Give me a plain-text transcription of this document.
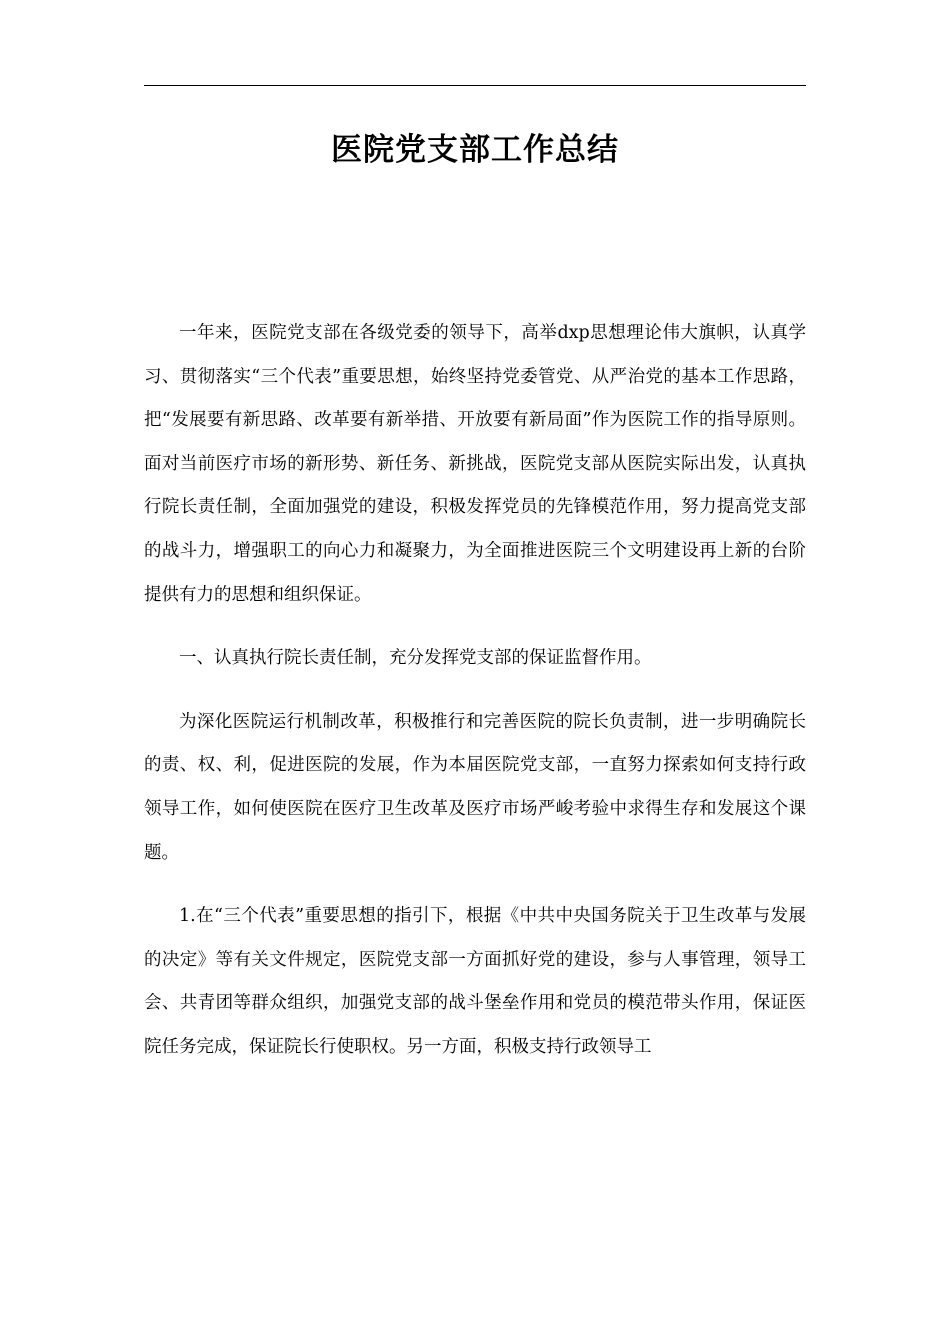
医院党支部工作总结

一年来，医院党支部在各级党委的领导下，高举dxp思想理论伟大旗帜，认真学习、贯彻落实“三个代表”重要思想，始终坚持党委管党、从严治党的基本工作思路，把“发展要有新思路、改革要有新举措、开放要有新局面”作为医院工作的指导原则。面对当前医疗市场的新形势、新任务、新挑战，医院党支部从医院实际出发，认真执行院长责任制，全面加强党的建设，积极发挥党员的先锋模范作用，努力提高党支部的战斗力，增强职工的向心力和凝聚力，为全面推进医院三个文明建设再上新的台阶提供有力的思想和组织保证。

一、认真执行院长责任制，充分发挥党支部的保证监督作用。

为深化医院运行机制改革，积极推行和完善医院的院长负责制，进一步明确院长的责、权、利，促进医院的发展，作为本届医院党支部，一直努力探索如何支持行政领导工作，如何使医院在医疗卫生改革及医疗市场严峻考验中求得生存和发展这个课题。

1.在“三个代表”重要思想的指引下，根据《中共中央国务院关于卫生改革与发展的决定》等有关文件规定，医院党支部一方面抓好党的建设，参与人事管理，领导工会、共青团等群众组织，加强党支部的战斗堡垒作用和党员的模范带头作用，保证医院任务完成，保证院长行使职权。另一方面，积极支持行政领导工
